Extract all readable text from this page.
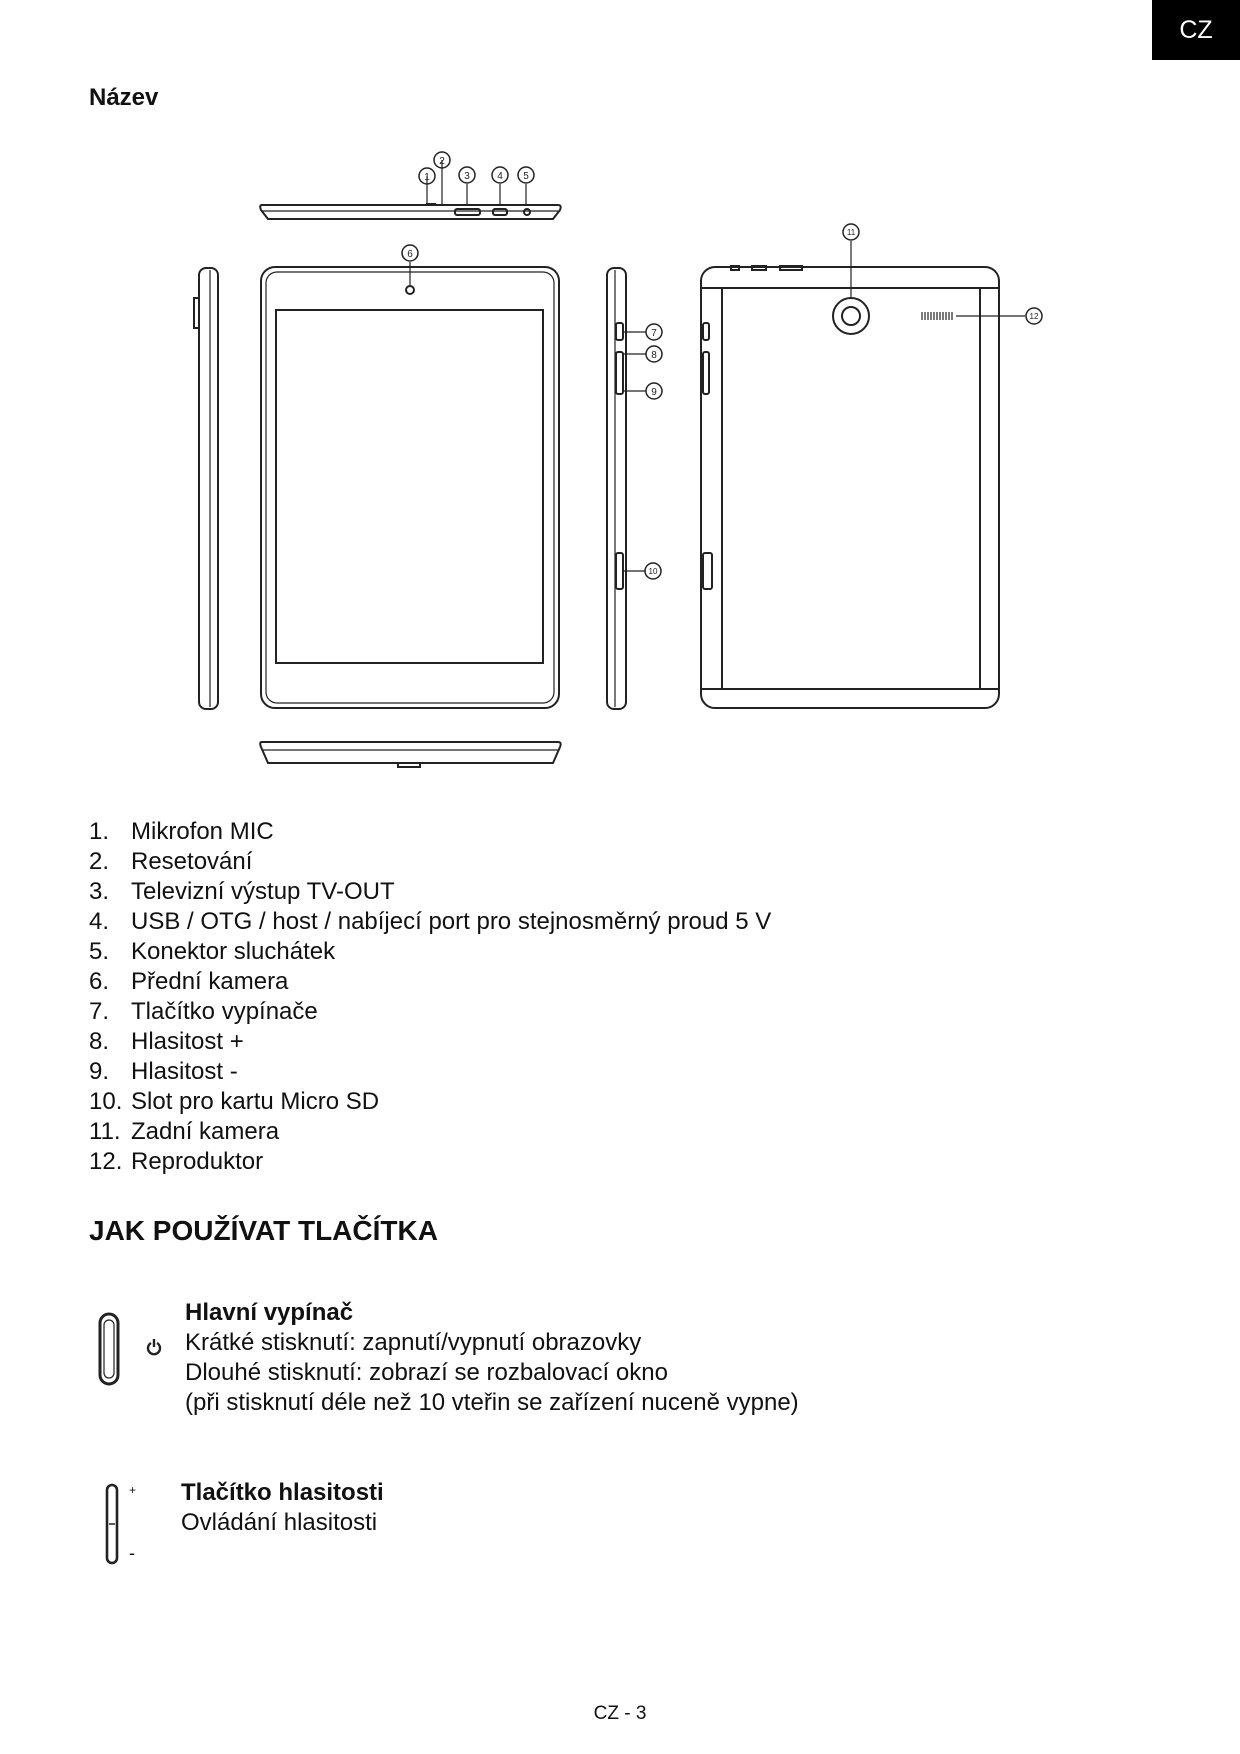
CZ
Název
1
2
3	4 5
6
7
8
9
10
11
12
1. Mikrofon MIC
2. Resetování
3. Televizní výstup TV-OUT
4. USB / OTG / host / nabíjecí port pro stejnosměrný proud 5 V
5. Konektor sluchátek
6. Přední kamera
7. Tlačítko vypínače
8. Hlasitost +
9. Hlasitost -
10. Slot pro kartu Micro SD
11. Zadní kamera
12. Reproduktor
JAK POUŽÍVAT TLAČÍTKA
Hlavní vypínač
Krátké stisknutí: zapnutí/vypnutí obrazovky
Dlouhé stisknutí: zobrazí se rozbalovací okno
(při stisknutí déle než 10 vteřin se zařízení nuceně vypne)
+
-
Tlačítko hlasitosti
Ovládání hlasitosti
CZ - 3
